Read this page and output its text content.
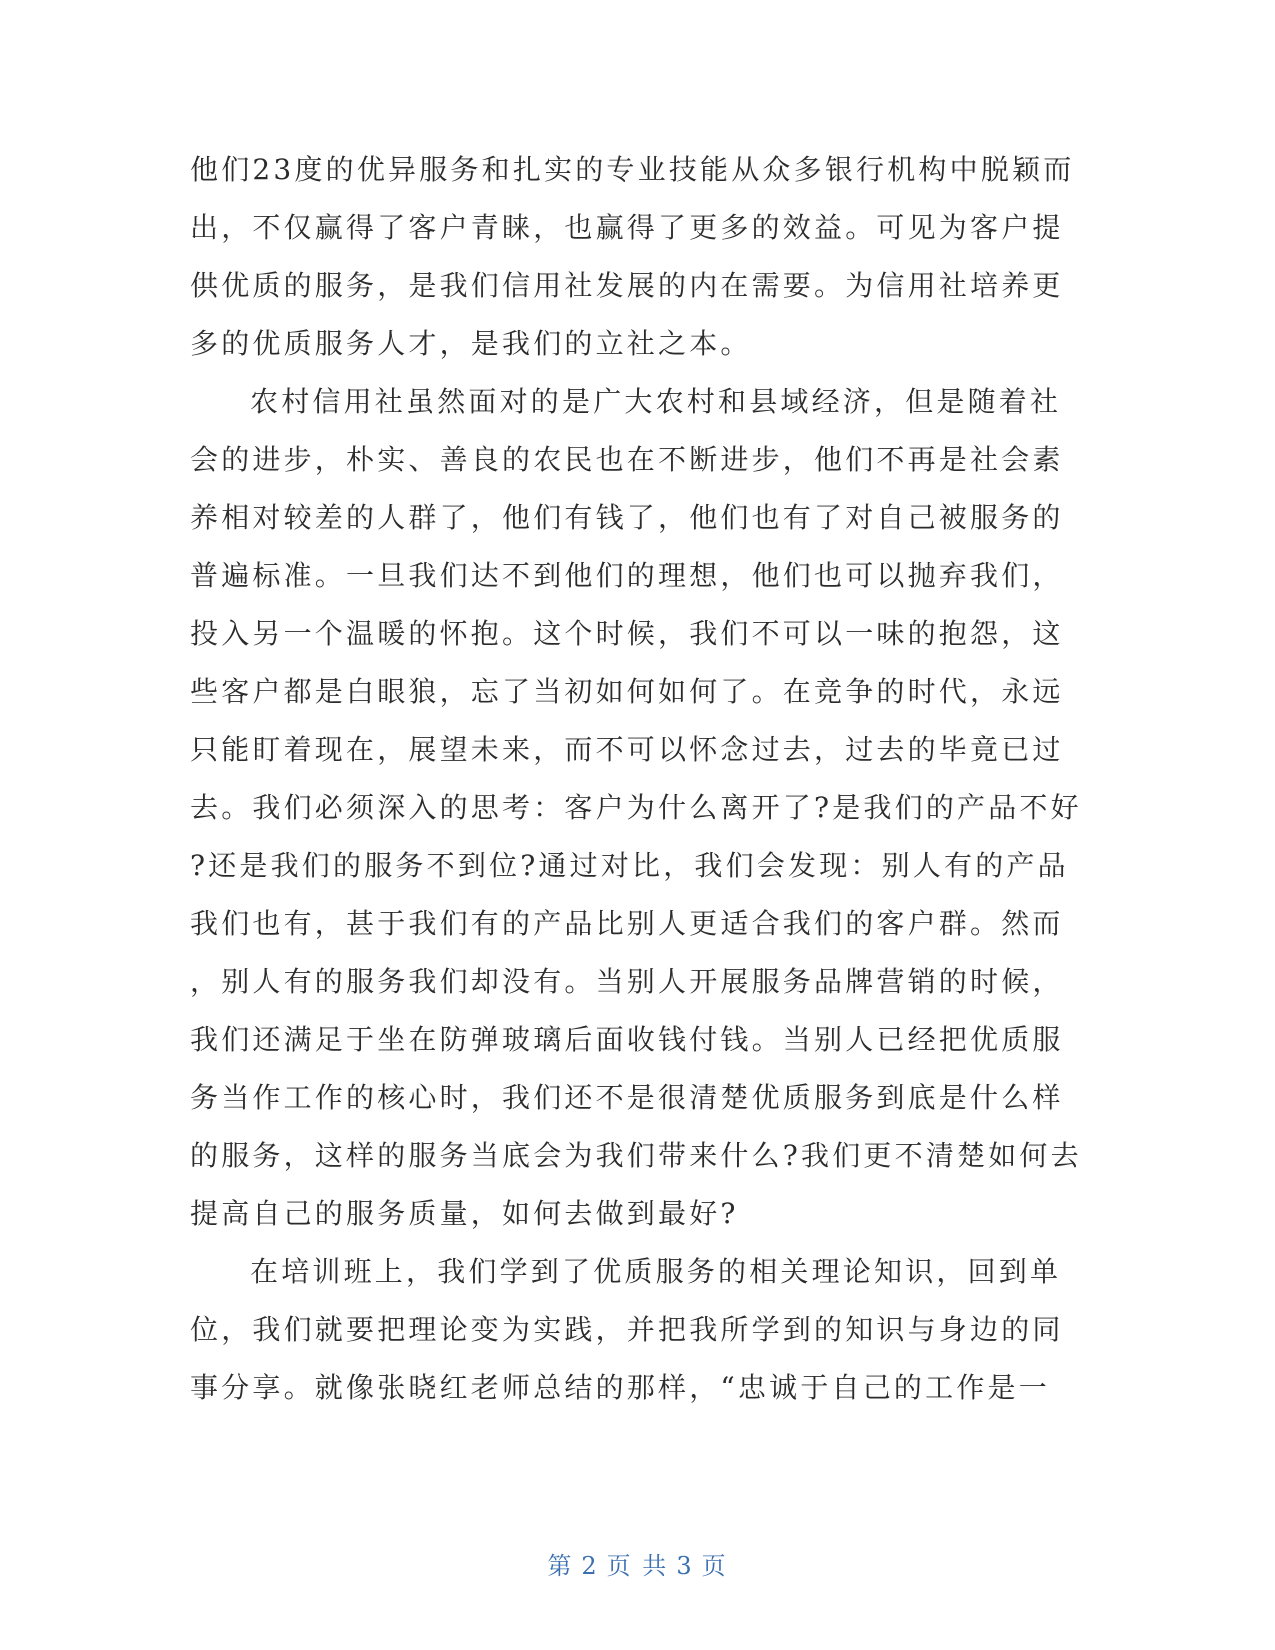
他们23度的优异服务和扎实的专业技能从众多银行机构中脱颖而
出，不仅赢得了客户青睐，也赢得了更多的效益。可见为客户提
供优质的服务，是我们信用社发展的内在需要。为信用社培养更
多的优质服务人才，是我们的立社之本。
农村信用社虽然面对的是广大农村和县域经济，但是随着社
会的进步，朴实、善良的农民也在不断进步，他们不再是社会素
养相对较差的人群了，他们有钱了，他们也有了对自己被服务的
普遍标准。一旦我们达不到他们的理想，他们也可以抛弃我们，
投入另一个温暖的怀抱。这个时候，我们不可以一味的抱怨，这
些客户都是白眼狼，忘了当初如何如何了。在竞争的时代，永远
只能盯着现在，展望未来，而不可以怀念过去，过去的毕竟已过
去。我们必须深入的思考：客户为什么离开了?是我们的产品不好
?还是我们的服务不到位?通过对比，我们会发现：别人有的产品
我们也有，甚于我们有的产品比别人更适合我们的客户群。然而
，别人有的服务我们却没有。当别人开展服务品牌营销的时候，
我们还满足于坐在防弹玻璃后面收钱付钱。当别人已经把优质服
务当作工作的核心时，我们还不是很清楚优质服务到底是什么样
的服务，这样的服务当底会为我们带来什么?我们更不清楚如何去
提高自己的服务质量，如何去做到最好?
在培训班上，我们学到了优质服务的相关理论知识，回到单
位，我们就要把理论变为实践，并把我所学到的知识与身边的同
事分享。就像张晓红老师总结的那样，“忠诚于自己的工作是一
第 2 页 共 3 页
